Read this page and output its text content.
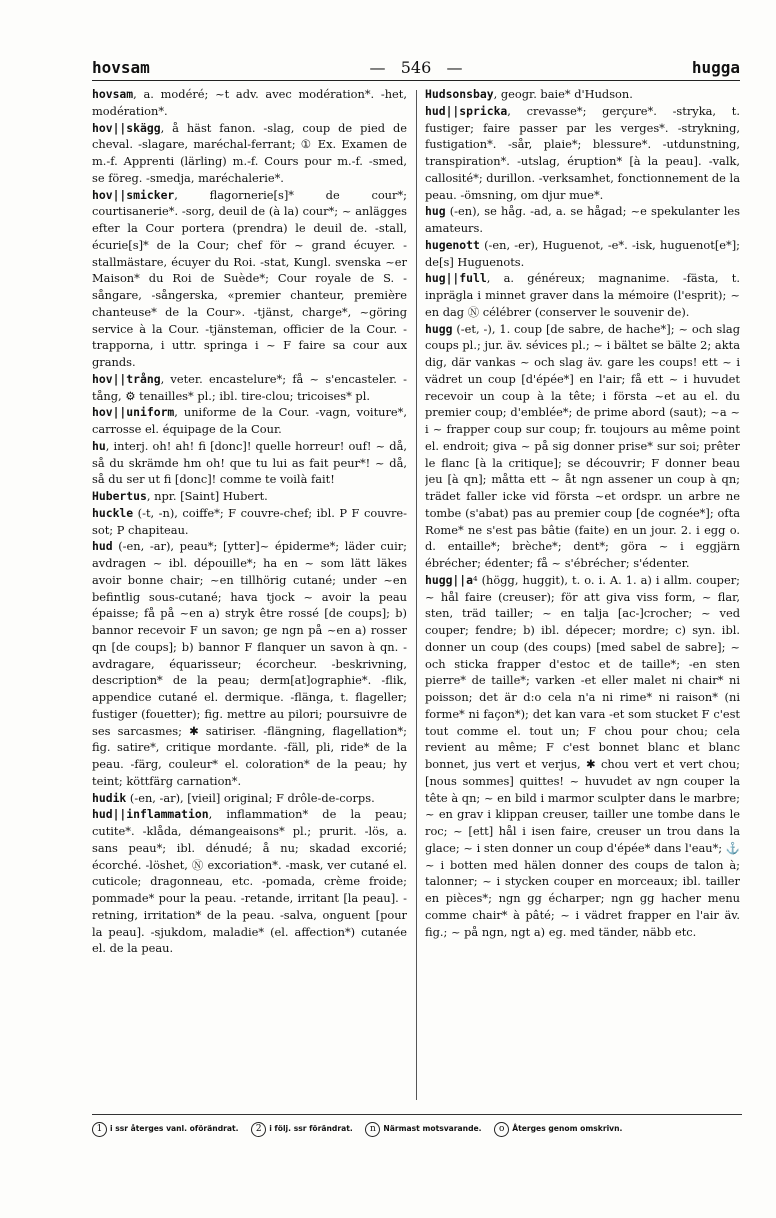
hovsam
—	546   —	hugga

hovsam, a. modéré; ~t adv. avec modération*. -het, modération*.

hov||skägg, å häst fanon. -slag, coup de pied de cheval. -slagare, maréchal-ferrant; ① Ex. Examen de m.-f. Apprenti (lärling) m.-f. Cours pour m.-f. -smed, se föreg. -smedja, maréchalerie*.

hov||smicker, flagornerie[s]* de cour*; courtisanerie*. -sorg, deuil de (à la) cour*; ~ anlägges efter la Cour portera (prendra) le deuil de. -stall, écurie[s]* de la Cour; chef för ~ grand écuyer. -stallmästare, écuyer du Roi. -stat, Kungl. svenska ~er Maison* du Roi de Suède*; Cour royale de S. -sångare, -sångerska, «premier chanteur, première chanteuse* de la Cour». -tjänst, charge*, ~göring service à la Cour. -tjänsteman, officier de la Cour. -trapporna, i uttr. springa i ~ F faire sa cour aux grands.

hov||trång, veter. encastelure*; få ~ s'encasteler. -tång, ⚙ tenailles* pl.; ibl. tire-clou; tricoises* pl.

hov||uniform, uniforme de la Cour. -vagn, voiture*, carrosse el. équipage de la Cour.

hu, interj. oh! ah! fi [donc]! quelle horreur! ouf! ~ då, så du skrämde hm oh! que tu lui as fait peur*! ~ då, så du ser ut fi [donc]! comme te voilà fait!

Hubertus, npr. [Saint] Hubert.

huckle (-t, -n), coiffe*; F couvre-chef; ibl. P F couvre-sot; P chapiteau.

hud (-en, -ar), peau*; [ytter]~ épiderme*; läder cuir; avdragen ~ ibl. dépouille*; ha en ~ som lätt läkes avoir bonne chair; ~en tillhörig cutané; under ~en befintlig sous-cutané; hava tjock ~ avoir la peau épaisse; få på ~en a) stryk être rossé [de coups]; b) bannor recevoir F un savon; ge ngn på ~en a) rosser qn [de coups]; b) bannor F flanquer un savon à qn. -avdragare, équarisseur; écorcheur. -beskrivning, description* de la peau; derm[at]ographie*. -flik, appendice cutané el. dermique. -flänga, t. flageller; fustiger (fouetter); fig. mettre au pilori; poursuivre de ses sarcasmes; ✱ satiriser. -flängning, flagellation*; fig. satire*, critique mordante. -fäll, pli, ride* de la peau. -färg, couleur* el. coloration* de la peau; hy teint; köttfärg carnation*.

hudik (-en, -ar), [vieil] original; F drôle-de-corps.

hud||inflammation, inflammation* de la peau; cutite*. -klåda, démangeaisons* pl.; prurit. -lös, a. sans peau*; ibl. dénudé; å nu; skadad excorié; écorché. -löshet, Ⓝ excoriation*. -mask, ver cutané el. cuticole; dragonneau, etc. -pomada, crème froide; pommade* pour la peau. -retande, irritant [la peau]. -retning, irritation* de la peau. -salva, onguent [pour la peau]. -sjukdom, maladie* (el. affection*) cutanée el. de la peau.

Hudsonsbay, geogr. baie* d'Hudson.

hud||spricka, crevasse*; gerçure*. -stryka, t. fustiger; faire passer par les verges*. -strykning, fustigation*. -sår, plaie*; blessure*. -utdunstning, transpiration*. -utslag, éruption* [à la peau]. -valk, callosité*; durillon. -verksamhet, fonctionnement de la peau. -ömsning, om djur mue*.

hug (-en), se håg. -ad, a. se hågad; ~e spekulanter les amateurs.

hugenott (-en, -er), Huguenot, -e*. -isk, huguenot[e*]; de[s] Huguenots.

hug||full, a. généreux; magnanime. -fästa, t. inprägla i minnet graver dans la mémoire (l'esprit); ~ en dag Ⓝ célébrer (conserver le souvenir de).

hugg (-et, -), 1. coup [de sabre, de hache*]; ~ och slag coups pl.; jur. äv. sévices pl.; ~ i bältet se bälte 2; akta dig, där vankas ~ och slag äv. gare les coups! ett ~ i vädret un coup [d'épée*] en l'air; få ett ~ i huvudet recevoir un coup à la tête; i första ~et au el. du premier coup; d'emblée*; de prime abord (saut); ~a ~ i ~ frapper coup sur coup; fr. toujours au même point el. endroit; giva ~ på sig donner prise* sur soi; prêter le flanc [à la critique]; se découvrir; F donner beau jeu [à qn]; måtta ett ~ åt ngn assener un coup à qn; trädet faller icke vid första ~et ordspr. un arbre ne tombe (s'abat) pas au premier coup [de cognée*]; ofta Rome* ne s'est pas bâtie (faite) en un jour. 2. i egg o. d. entaille*; brèche*; dent*; göra ~ i eggjärn ébrécher; édenter; få ~ s'ébrécher; s'édenter.

hugg||a⁴ (högg, huggit), t. o. i. A. 1. a) i allm. couper; ~ hål faire (creuser); för att giva viss form, ~ flar, sten, träd tailler; ~ en talja [ac-]crocher; ~ ved couper; fendre; b) ibl. dépecer; mordre; c) syn. ibl. donner un coup (des coups) [med sabel de sabre]; ~ och sticka frapper d'estoc et de taille*; -en sten pierre* de taille*; varken -et eller malet ni chair* ni poisson; det är d:o cela n'a ni rime* ni raison* (ni forme* ni façon*); det kan vara -et som stucket F c'est tout comme el. tout un; F chou pour chou; cela revient au même; F c'est bonnet blanc et blanc bonnet, jus vert et verjus, ✱ chou vert et vert chou; [nous sommes] quittes! ~ huvudet av ngn couper la tête à qn; ~ en bild i marmor sculpter dans le marbre; ~ en grav i klippan creuser, tailler une tombe dans le roc; ~ [ett] hål i isen faire, creuser un trou dans la glace; ~ i sten donner un coup d'épée* dans l'eau*; ⚓ ~ i botten med hälen donner des coups de talon à; talonner; ~ i stycken couper en morceaux; ibl. tailler en pièces*; ngn gg écharper; ngn gg hacher menu comme chair* à pâté; ~ i vädret frapper en l'air äv. fig.; ~ på ngn, ngt a) eg. med tänder, näbb etc.

1 i ssr återges vanl. oförändrat. 2 i följ. ssr förändrat. n Närmast motsvarande. o Återges genom omskrivn.
